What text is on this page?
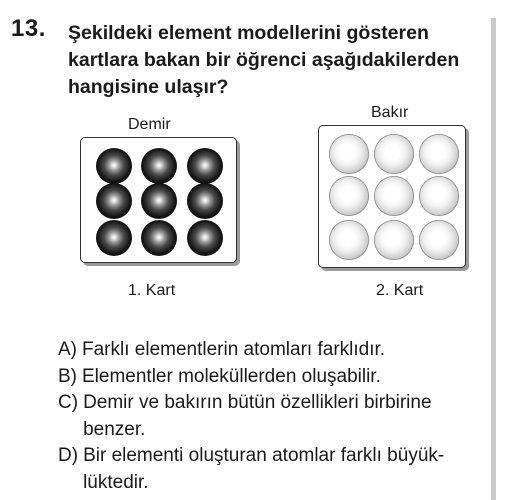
13. Şekildeki element modellerini gösteren kartlara bakan bir öğrenci aşağıdakilerden hangisine ulaşır?

Demir
1. Kart
Bakır
2. Kart
A) Farklı elementlerin atomları farklıdır.
B) Elementler moleküllerden oluşabilir.
C) Demir ve bakırın bütün özellikleri birbirine benzer.
D) Bir elementi oluşturan atomlar farklı büyük-lüktedir.
